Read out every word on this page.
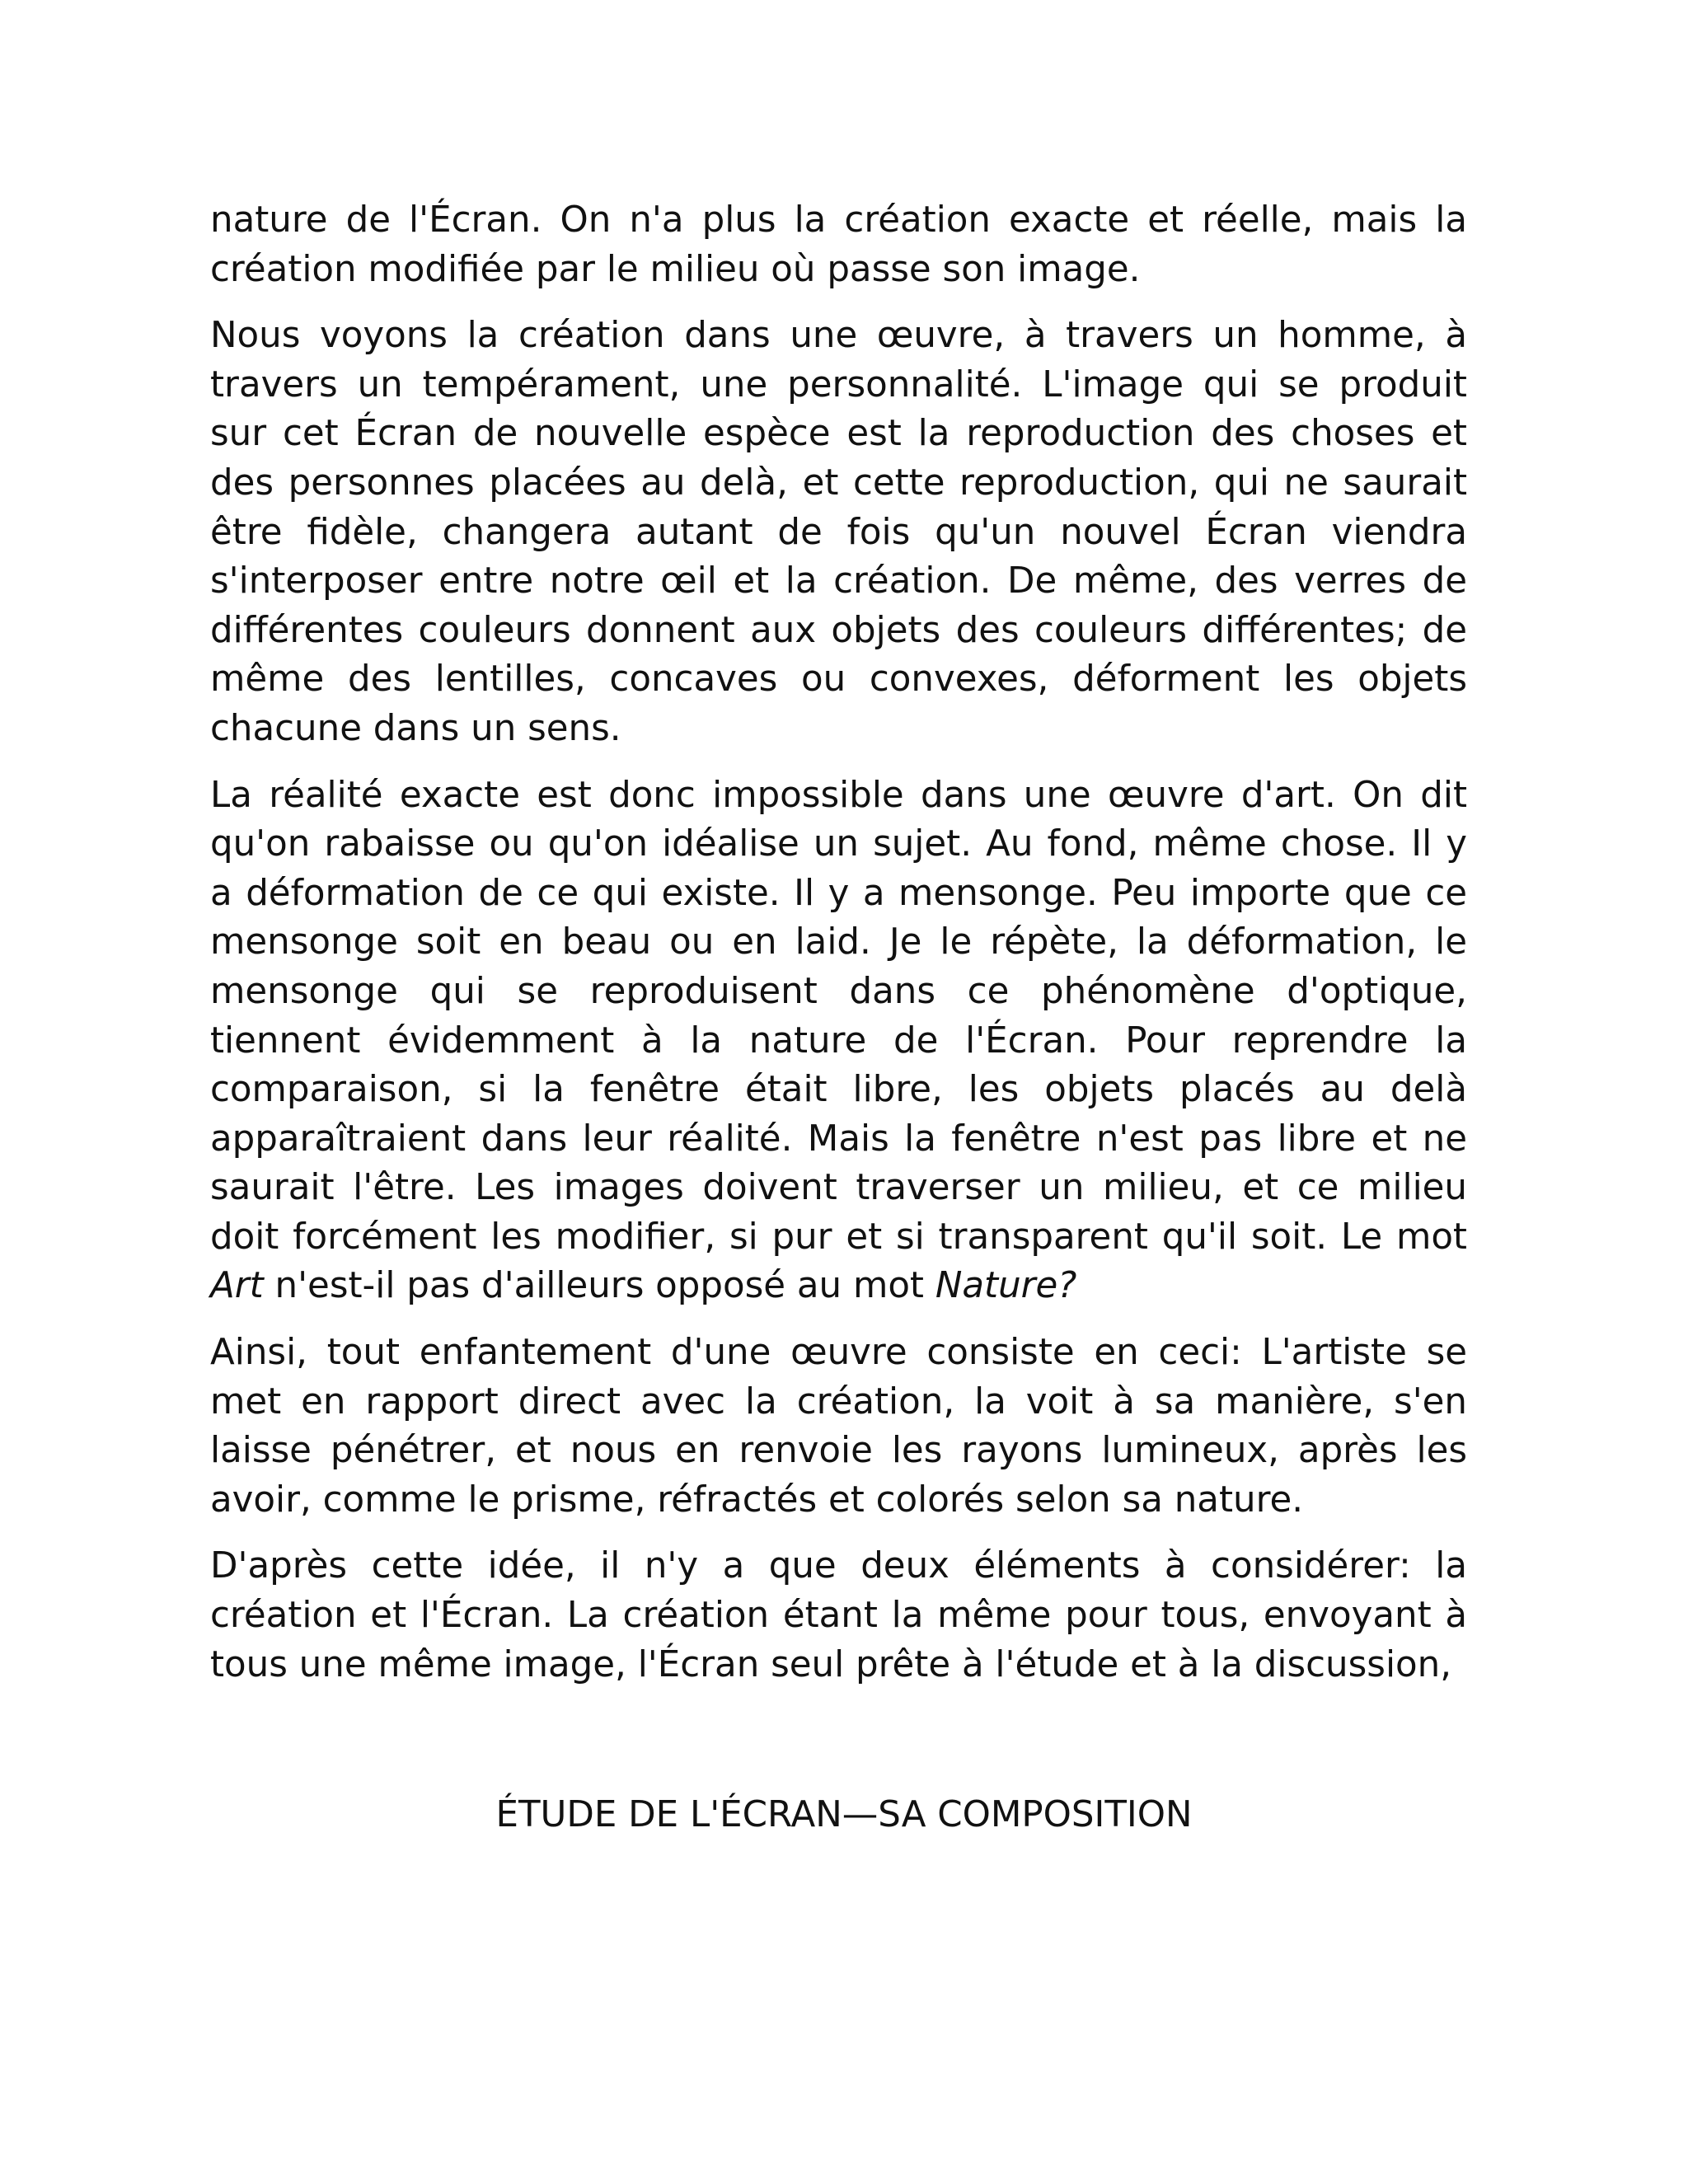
nature de l'Écran. On n'a plus la création exacte et réelle, mais la création modifiée par le milieu où passe son image.

Nous voyons la création dans une œuvre, à travers un homme, à travers un tempérament, une personnalité. L'image qui se produit sur cet Écran de nouvelle espèce est la reproduction des choses et des personnes placées au delà, et cette reproduction, qui ne saurait être fidèle, changera autant de fois qu'un nouvel Écran viendra s'interposer entre notre œil et la création. De même, des verres de différentes couleurs donnent aux objets des couleurs différentes; de même des lentilles, concaves ou convexes, déforment les objets chacune dans un sens.

La réalité exacte est donc impossible dans une œuvre d'art. On dit qu'on rabaisse ou qu'on idéalise un sujet. Au fond, même chose. Il y a déformation de ce qui existe. Il y a mensonge. Peu importe que ce mensonge soit en beau ou en laid. Je le répète, la déformation, le mensonge qui se reproduisent dans ce phénomène d'optique, tiennent évidemment à la nature de l'Écran. Pour reprendre la comparaison, si la fenêtre était libre, les objets placés au delà apparaîtraient dans leur réalité. Mais la fenêtre n'est pas libre et ne saurait l'être. Les images doivent traverser un milieu, et ce milieu doit forcément les modifier, si pur et si transparent qu'il soit. Le mot Art n'est-il pas d'ailleurs opposé au mot Nature?

Ainsi, tout enfantement d'une œuvre consiste en ceci: L'artiste se met en rapport direct avec la création, la voit à sa manière, s'en laisse pénétrer, et nous en renvoie les rayons lumineux, après les avoir, comme le prisme, réfractés et colorés selon sa nature.

D'après cette idée, il n'y a que deux éléments à considérer: la création et l'Écran. La création étant la même pour tous, envoyant à tous une même image, l'Écran seul prête à l'étude et à la discussion,

ÉTUDE DE L'ÉCRAN—SA COMPOSITION
